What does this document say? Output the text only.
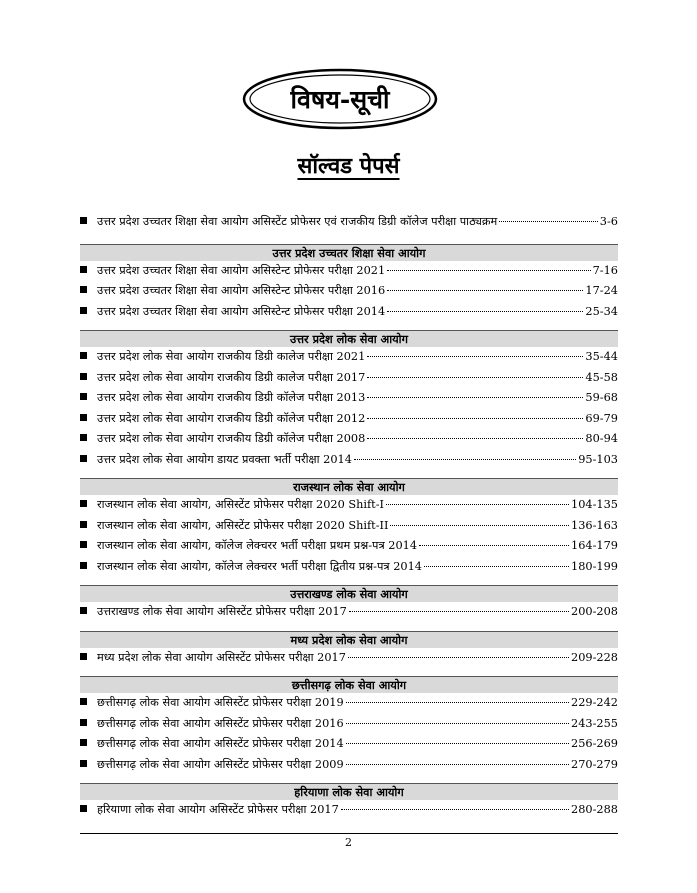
विषय-सूची
सॉल्वड पेपर्स
उत्तर प्रदेश उच्चतर शिक्षा सेवा आयोग असिस्टेंट प्रोफेसर एवं राजकीय डिग्री कॉलेज परीक्षा पाठ्यक्रम	3-6
उत्तर प्रदेश उच्चतर शिक्षा सेवा आयोग
उत्तर प्रदेश उच्चतर शिक्षा सेवा आयोग असिस्टेन्ट प्रोफेसर परीक्षा 2021	7-16
उत्तर प्रदेश उच्चतर शिक्षा सेवा आयोग असिस्टेन्ट प्रोफेसर परीक्षा 2016	17-24
उत्तर प्रदेश उच्चतर शिक्षा सेवा आयोग असिस्टेन्ट प्रोफेसर परीक्षा 2014	25-34
उत्तर प्रदेश लोक सेवा आयोग
उत्तर प्रदेश लोक सेवा आयोग राजकीय डिग्री कालेज परीक्षा 2021	35-44
उत्तर प्रदेश लोक सेवा आयोग राजकीय डिग्री कालेज परीक्षा 2017	45-58
उत्तर प्रदेश लोक सेवा आयोग राजकीय डिग्री कॉलेज परीक्षा 2013	59-68
उत्तर प्रदेश लोक सेवा आयोग राजकीय डिग्री कॉलेज परीक्षा 2012	69-79
उत्तर प्रदेश लोक सेवा आयोग राजकीय डिग्री कॉलेज परीक्षा 2008	80-94
उत्तर प्रदेश लोक सेवा आयोग डायट प्रवक्ता भर्ती परीक्षा 2014	95-103
राजस्थान लोक सेवा आयोग
राजस्थान लोक सेवा आयोग, असिस्टेंट प्रोफेसर परीक्षा 2020 Shift-I	104-135
राजस्थान लोक सेवा आयोग, असिस्टेंट प्रोफेसर परीक्षा 2020 Shift-II	136-163
राजस्थान लोक सेवा आयोग, कॉलेज लेक्चरर भर्ती परीक्षा प्रथम प्रश्न-पत्र 2014	164-179
राजस्थान लोक सेवा आयोग, कॉलेज लेक्चरर भर्ती परीक्षा द्वितीय प्रश्न-पत्र 2014	180-199
उत्तराखण्ड लोक सेवा आयोग
उत्तराखण्ड लोक सेवा आयोग असिस्टेंट प्रोफेसर परीक्षा 2017	200-208
मध्य प्रदेश लोक सेवा आयोग
मध्य प्रदेश लोक सेवा आयोग असिस्टेंट प्रोफेसर परीक्षा 2017	209-228
छत्तीसगढ़ लोक सेवा आयोग
छत्तीसगढ़ लोक सेवा आयोग असिस्टेंट प्रोफेसर परीक्षा 2019	229-242
छत्तीसगढ़ लोक सेवा आयोग असिस्टेंट प्रोफेसर परीक्षा 2016	243-255
छत्तीसगढ़ लोक सेवा आयोग असिस्टेंट प्रोफेसर परीक्षा 2014	256-269
छत्तीसगढ़ लोक सेवा आयोग असिस्टेंट प्रोफेसर परीक्षा 2009	270-279
हरियाणा लोक सेवा आयोग
हरियाणा लोक सेवा आयोग असिस्टेंट प्रोफेसर परीक्षा 2017	280-288
2
